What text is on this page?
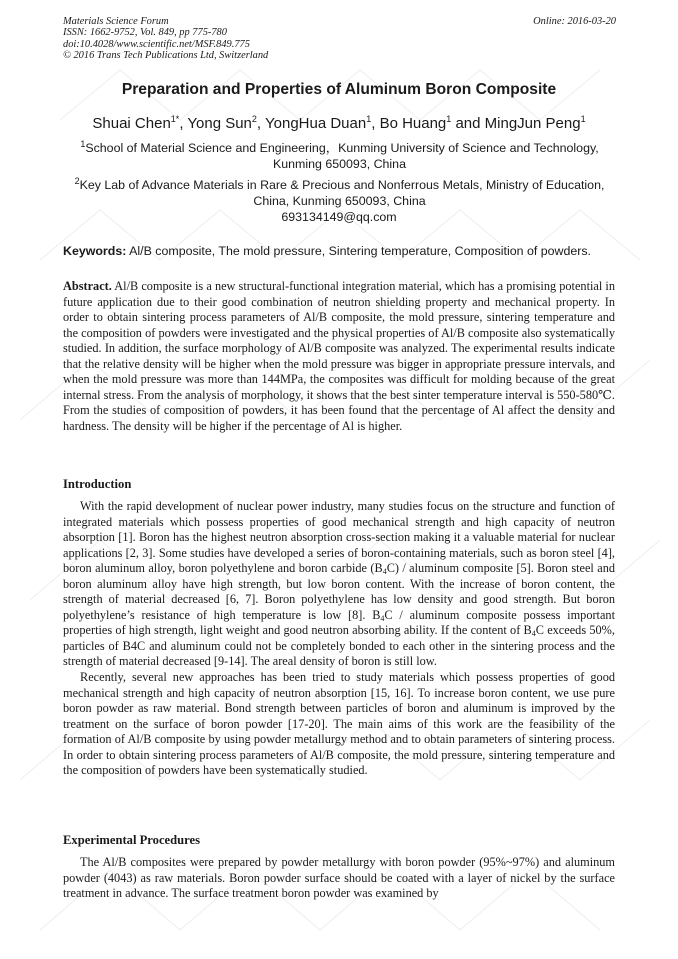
Materials Science Forum
ISSN: 1662-9752, Vol. 849, pp 775-780
doi:10.4028/www.scientific.net/MSF.849.775
© 2016 Trans Tech Publications Ltd, Switzerland
Online: 2016-03-20
Preparation and Properties of Aluminum Boron Composite
Shuai Chen$^{1*}$, Yong Sun$^2$, YongHua Duan$^1$, Bo Huang$^1$ and MingJun Peng$^1$
$^1$School of Material Science and Engineering，Kunming University of Science and Technology, Kunming 650093, China
$^2$Key Lab of Advance Materials in Rare & Precious and Nonferrous Metals, Ministry of Education, China, Kunming 650093, China
693134149@qq.com
Keywords: Al/B composite, The mold pressure, Sintering temperature, Composition of powders.
Abstract. Al/B composite is a new structural-functional integration material, which has a promising potential in future application due to their good combination of neutron shielding property and mechanical property. In order to obtain sintering process parameters of Al/B composite, the mold pressure, sintering temperature and the composition of powders were investigated and the physical properties of Al/B composite also systematically studied. In addition, the surface morphology of Al/B composite was analyzed. The experimental results indicate that the relative density will be higher when the mold pressure was bigger in appropriate pressure intervals, and when the mold pressure was more than 144MPa, the composites was difficult for molding because of the great internal stress. From the analysis of morphology, it shows that the best sinter temperature interval is 550-580℃. From the studies of composition of powders, it has been found that the percentage of Al affect the density and hardness. The density will be higher if the percentage of Al is higher.
Introduction

With the rapid development of nuclear power industry, many studies focus on the structure and function of integrated materials which possess properties of good mechanical strength and high capacity of neutron absorption [1]. Boron has the highest neutron absorption cross-section making it a valuable material for nuclear applications [2, 3]. Some studies have developed a series of boron-containing materials, such as boron steel [4], boron aluminum alloy, boron polyethylene and boron carbide $(B_4C)$ / aluminum composite [5]. Boron steel and boron aluminum alloy have high strength, but low boron content. With the increase of boron content, the strength of material decreased [6, 7]. Boron polyethylene has low density and good strength. But boron polyethylene’s resistance of high temperature is low [8]. $B_4C$ / aluminum composite possess important properties of high strength, light weight and good neutron absorbing ability. If the content of $B_4C$ exceeds 50%, particles of B4C and aluminum could not be completely bonded to each other in the sintering process and the strength of material decreased [9-14]. The areal density of boron is still low.

Recently, several new approaches has been tried to study materials which possess properties of good mechanical strength and high capacity of neutron absorption [15, 16]. To increase boron content, we use pure boron powder as raw material. Bond strength between particles of boron and aluminum is improved by the treatment on the surface of boron powder [17-20]. The main aims of this work are the feasibility of the formation of Al/B composite by using powder metallurgy method and to obtain parameters of sintering process. In order to obtain sintering process parameters of Al/B composite, the mold pressure, sintering temperature and the composition of powders have been systematically studied.

Experimental Procedures

The Al/B composites were prepared by powder metallurgy with boron powder (95%~97%) and aluminum powder (4043) as raw materials. Boron powder surface should be coated with a layer of nickel by the surface treatment in advance. The surface treatment boron powder was examined by
